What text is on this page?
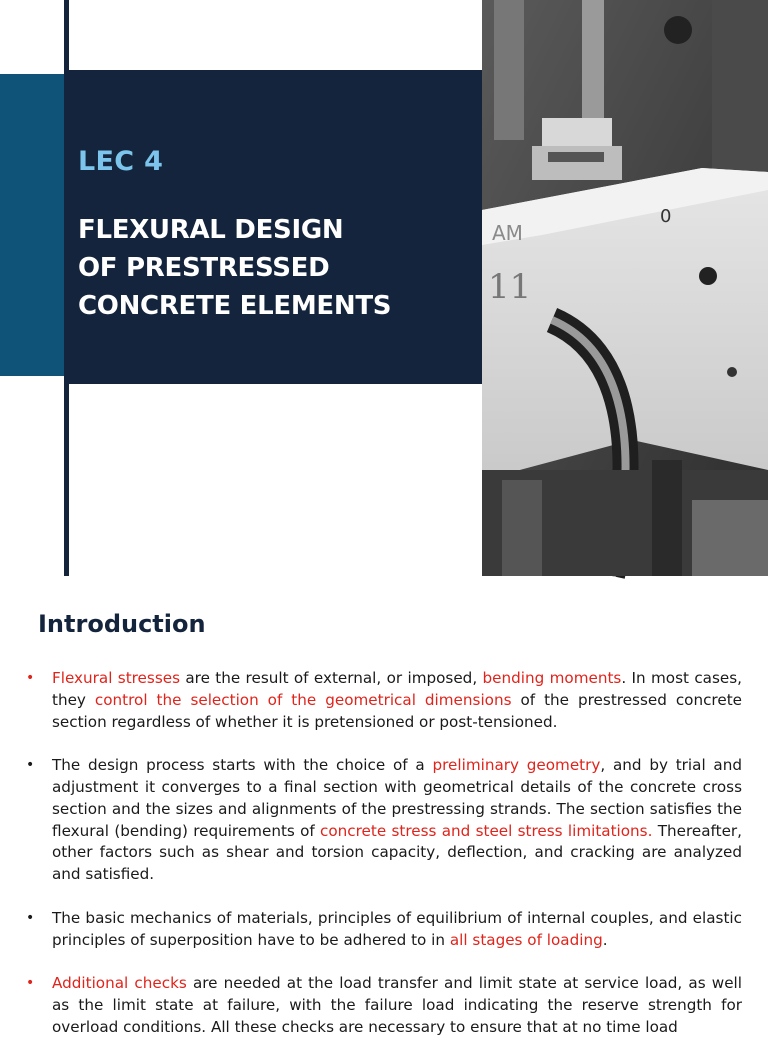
LEC 4
FLEXURAL DESIGN
OF PRESTRESSED
CONCRETE ELEMENTS
0
AM
11
Introduction
•	Flexural stresses are the result of external, or imposed, bending moments. In most cases, they control the selection of the geometrical dimensions of the prestressed concrete section regardless of whether it is pretensioned or post-tensioned.
•	The design process starts with the choice of a preliminary geometry, and by trial and adjustment it converges to a final section with geometrical details of the concrete cross section and the sizes and alignments of the prestressing strands. The section satisfies the flexural (bending) requirements of concrete stress and steel stress limitations. Thereafter, other factors such as shear and torsion capacity, deflection, and cracking are analyzed and satisfied.
•	The basic mechanics of materials, principles of equilibrium of internal couples, and elastic principles of superposition have to be adhered to in all stages of loading.
•	Additional checks are needed at the load transfer and limit state at service load, as well as the limit state at failure, with the failure load indicating the reserve strength for overload conditions. All these checks are necessary to ensure that at no time load
